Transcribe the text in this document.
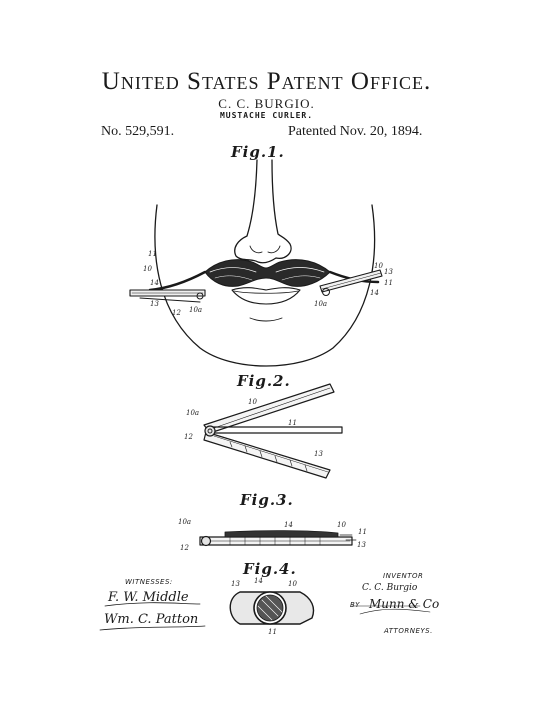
United States Patent Office.
C. C. BURGIO.
MUSTACHE CURLER.
No. 529,591.	Patented Nov. 20, 1894.
Fig.1.
Fig.2.
Fig.3.
Fig.4.
11
10
14
13
12 10a
10
13
14
11
10a
10a
10
11
12
13
10a	14	10
11
12	13
13 14	10
11
WITNESSES:
F. W. Middle
Wm. C. Patton
INVENTOR
C. C. Burgio
BY Munn & Co
ATTORNEYS.
